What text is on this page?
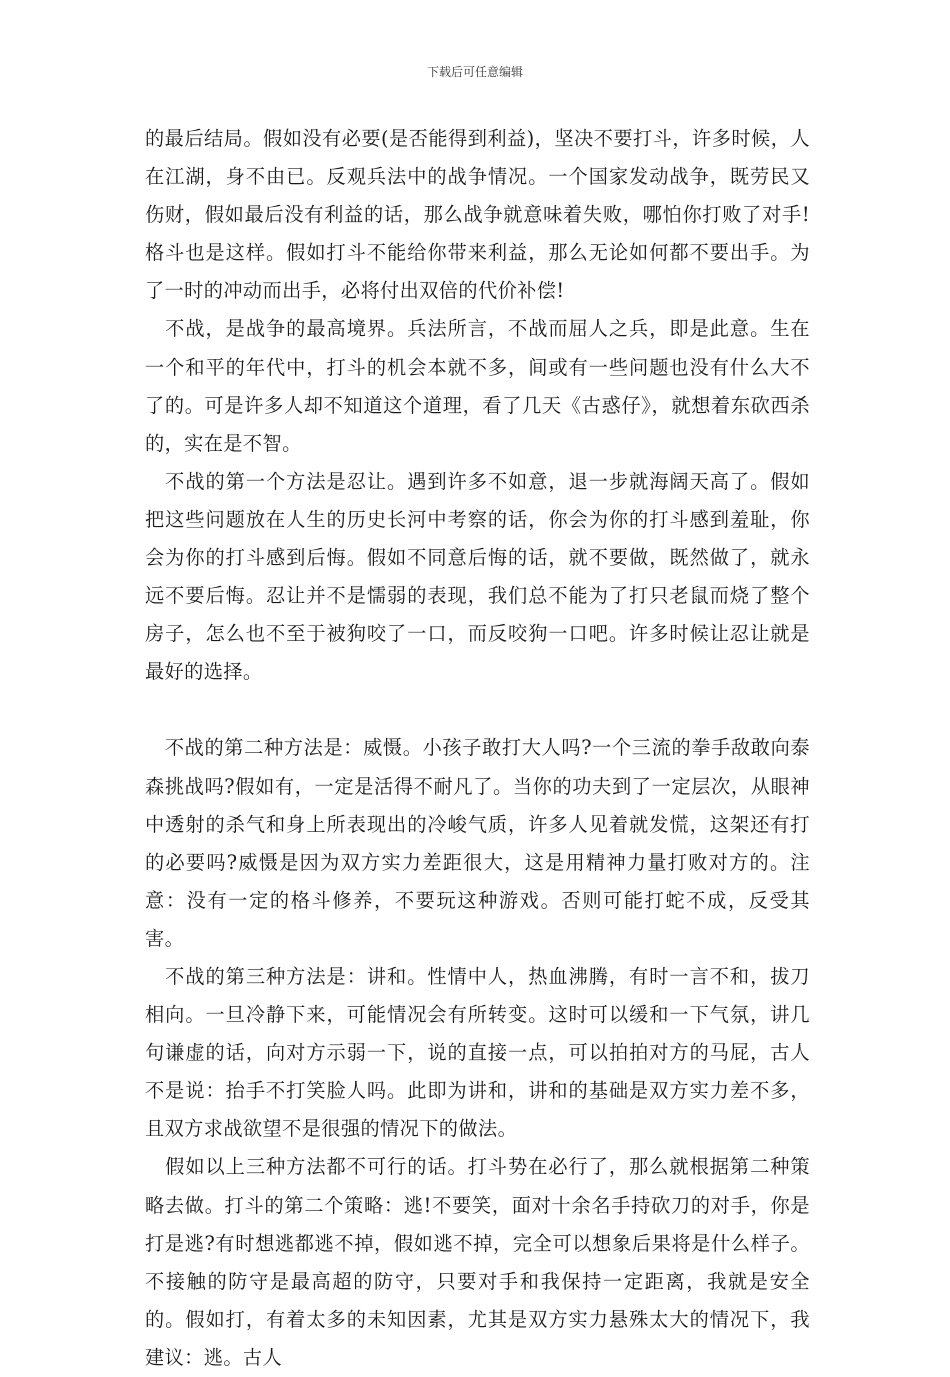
下载后可任意编辑

的最后结局。假如没有必要(是否能得到利益)，坚决不要打斗，许多时候，人在江湖，身不由已。反观兵法中的战争情况。一个国家发动战争，既劳民又伤财，假如最后没有利益的话，那么战争就意味着失败，哪怕你打败了对手!格斗也是这样。假如打斗不能给你带来利益，那么无论如何都不要出手。为了一时的冲动而出手，必将付出双倍的代价补偿!

　不战，是战争的最高境界。兵法所言，不战而屈人之兵，即是此意。生在一个和平的年代中，打斗的机会本就不多，间或有一些问题也没有什么大不了的。可是许多人却不知道这个道理，看了几天《古惑仔》，就想着东砍西杀的，实在是不智。

　不战的第一个方法是忍让。遇到许多不如意，退一步就海阔天高了。假如把这些问题放在人生的历史长河中考察的话，你会为你的打斗感到羞耻，你会为你的打斗感到后悔。假如不同意后悔的话，就不要做，既然做了，就永远不要后悔。忍让并不是懦弱的表现，我们总不能为了打只老鼠而烧了整个房子，怎么也不至于被狗咬了一口，而反咬狗一口吧。许多时候让忍让就是最好的选择。

　不战的第二种方法是：威慑。小孩子敢打大人吗?一个三流的拳手敌敢向泰森挑战吗?假如有，一定是活得不耐凡了。当你的功夫到了一定层次，从眼神中透射的杀气和身上所表现出的冷峻气质，许多人见着就发慌，这架还有打的必要吗?威慑是因为双方实力差距很大，这是用精神力量打败对方的。注意：没有一定的格斗修养，不要玩这种游戏。否则可能打蛇不成，反受其害。

　不战的第三种方法是：讲和。性情中人，热血沸腾，有时一言不和，拔刀相向。一旦冷静下来，可能情况会有所转变。这时可以缓和一下气氛，讲几句谦虚的话，向对方示弱一下，说的直接一点，可以拍拍对方的马屁，古人不是说：抬手不打笑脸人吗。此即为讲和，讲和的基础是双方实力差不多，且双方求战欲望不是很强的情况下的做法。

　假如以上三种方法都不可行的话。打斗势在必行了，那么就根据第二种策略去做。打斗的第二个策略：逃!不要笑，面对十余名手持砍刀的对手，你是打是逃?有时想逃都逃不掉，假如逃不掉，完全可以想象后果将是什么样子。不接触的防守是最高超的防守，只要对手和我保持一定距离，我就是安全的。假如打，有着太多的未知因素，尤其是双方实力悬殊太大的情况下，我建议：逃。古人
